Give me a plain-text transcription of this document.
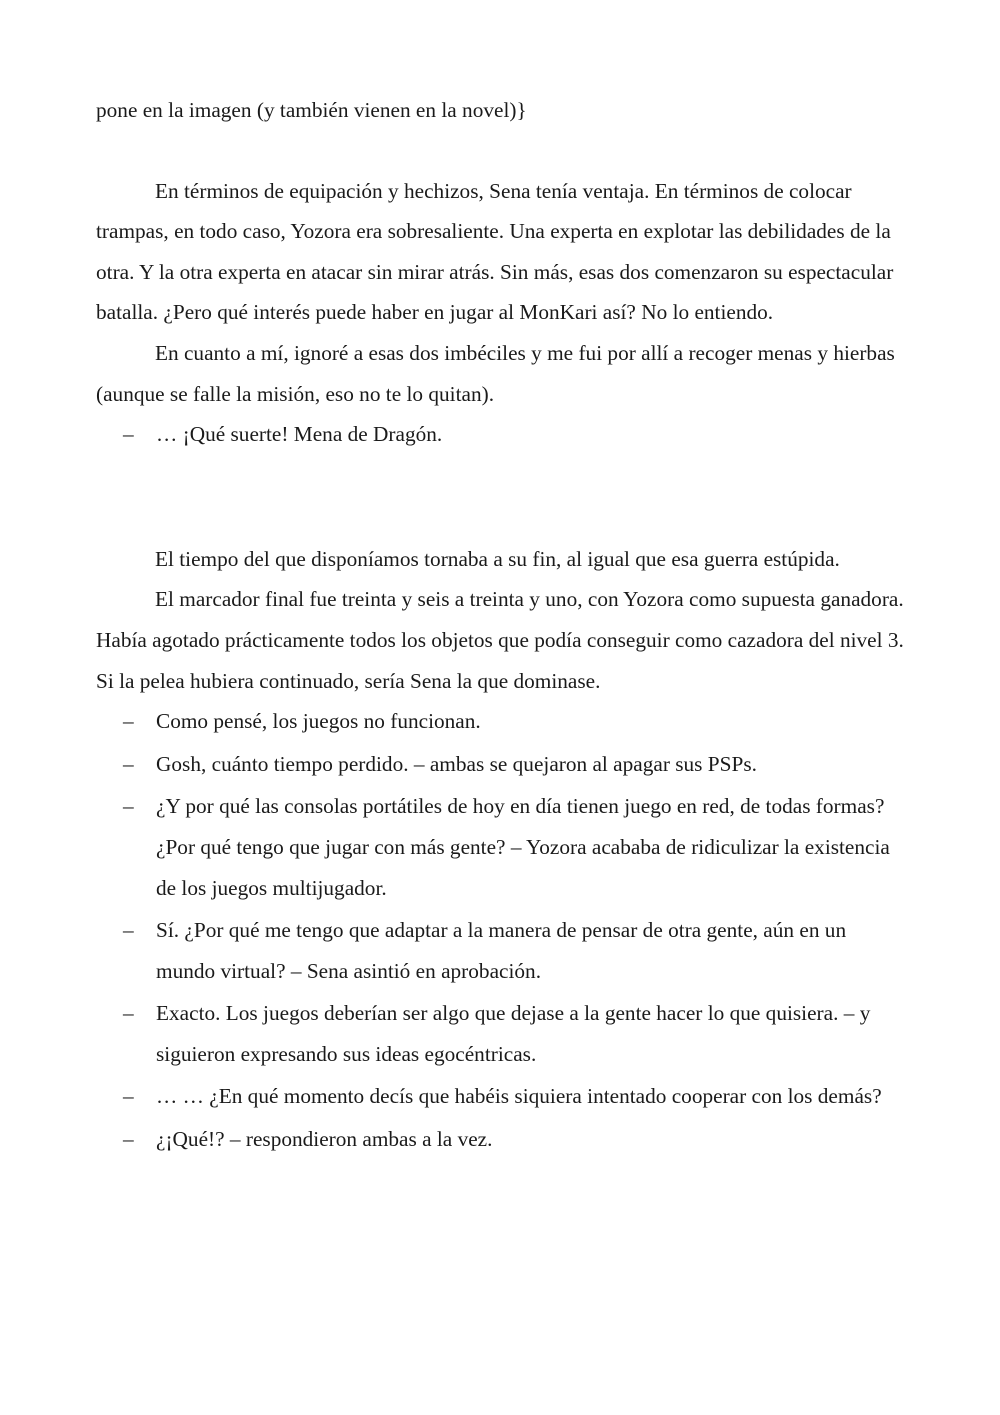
pone en la imagen (y también vienen en la novel)}

En términos de equipación y hechizos, Sena tenía ventaja. En términos de colocar trampas, en todo caso, Yozora era sobresaliente. Una experta en explotar las debilidades de la otra. Y la otra experta en atacar sin mirar atrás. Sin más, esas dos comenzaron su espectacular batalla. ¿Pero qué interés puede haber en jugar al MonKari así? No lo entiendo.

En cuanto a mí, ignoré a esas dos imbéciles y me fui por allí a recoger menas y hierbas (aunque se falle la misión, eso no te lo quitan).

– … ¡Qué suerte! Mena de Dragón.

El tiempo del que disponíamos tornaba a su fin, al igual que esa guerra estúpida.

El marcador final fue treinta y seis a treinta y uno, con Yozora como supuesta ganadora. Había agotado prácticamente todos los objetos que podía conseguir como cazadora del nivel 3. Si la pelea hubiera continuado, sería Sena la que dominase.

– Como pensé, los juegos no funcionan.
– Gosh, cuánto tiempo perdido. – ambas se quejaron al apagar sus PSPs.
– ¿Y por qué las consolas portátiles de hoy en día tienen juego en red, de todas formas? ¿Por qué tengo que jugar con más gente? – Yozora acababa de ridiculizar la existencia de los juegos multijugador.
– Sí. ¿Por qué me tengo que adaptar a la manera de pensar de otra gente, aún en un mundo virtual? – Sena asintió en aprobación.
– Exacto. Los juegos deberían ser algo que dejase a la gente hacer lo que quisiera. – y siguieron expresando sus ideas egocéntricas.
– … … ¿En qué momento decís que habéis siquiera intentado cooperar con los demás?
– ¿¡Qué!? – respondieron ambas a la vez.
